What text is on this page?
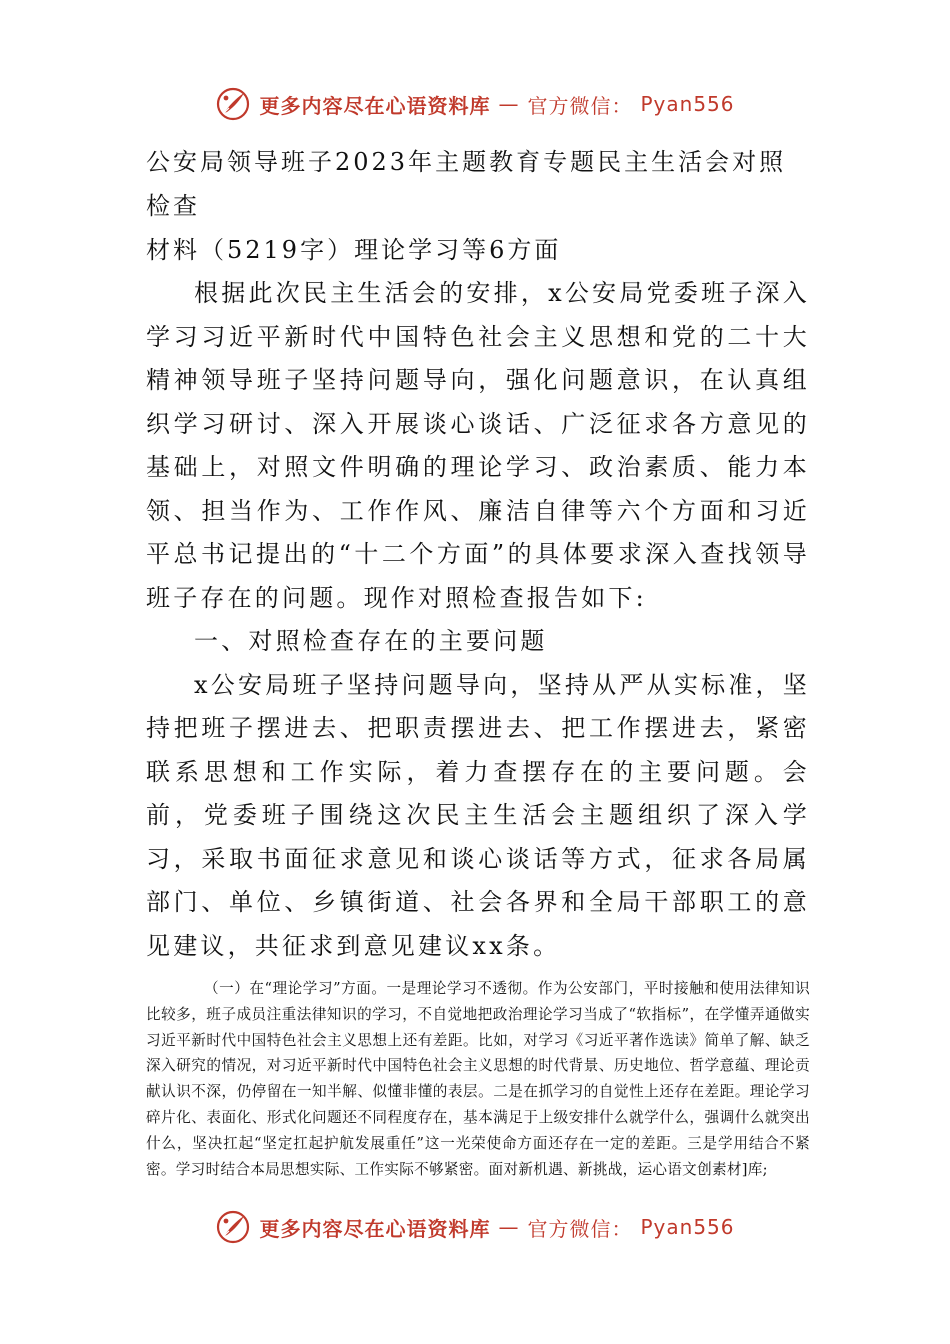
更多内容尽在心语资料库 — 官方微信： Pyan556
公安局领导班子2023年主题教育专题民主生活会对照检查
材料（5219字）理论学习等6方面

根据此次民主生活会的安排，x公安局党委班子深入学习习近平新时代中国特色社会主义思想和党的二十大精神领导班子坚持问题导向，强化问题意识，在认真组织学习研讨、深入开展谈心谈话、广泛征求各方意见的基础上，对照文件明确的理论学习、政治素质、能力本领、担当作为、工作作风、廉洁自律等六个方面和习近平总书记提出的“十二个方面”的具体要求深入查找领导班子存在的问题。现作对照检查报告如下:

一、对照检查存在的主要问题

x公安局班子坚持问题导向，坚持从严从实标准，坚持把班子摆进去、把职责摆进去、把工作摆进去，紧密联系思想和工作实际，着力查摆存在的主要问题。会前，党委班子围绕这次民主生活会主题组织了深入学习，采取书面征求意见和谈心谈话等方式，征求各局属部门、单位、乡镇街道、社会各界和全局干部职工的意见建议，共征求到意见建议xx条。

（一）在“理论学习”方面。一是理论学习不透彻。作为公安部门，平时接触和使用法律知识比较多，班子成员注重法律知识的学习，不自觉地把政治理论学习当成了“软指标”，在学懂弄通做实习近平新时代中国特色社会主义思想上还有差距。比如，对学习《习近平著作选读》简单了解、缺乏深入研究的情况，对习近平新时代中国特色社会主义思想的时代背景、历史地位、哲学意蕴、理论贡献认识不深，仍停留在一知半解、似懂非懂的表层。二是在抓学习的自觉性上还存在差距。理论学习碎片化、表面化、形式化问题还不同程度存在，基本满足于上级安排什么就学什么，强调什么就突出什么，坚决扛起“坚定扛起护航发展重任”这一光荣使命方面还存在一定的差距。三是学用结合不紧密。学习时结合本局思想实际、工作实际不够紧密。面对新机遇、新挑战，运心语文创素材]库;

更多内容尽在心语资料库 — 官方微信： Pyan556
